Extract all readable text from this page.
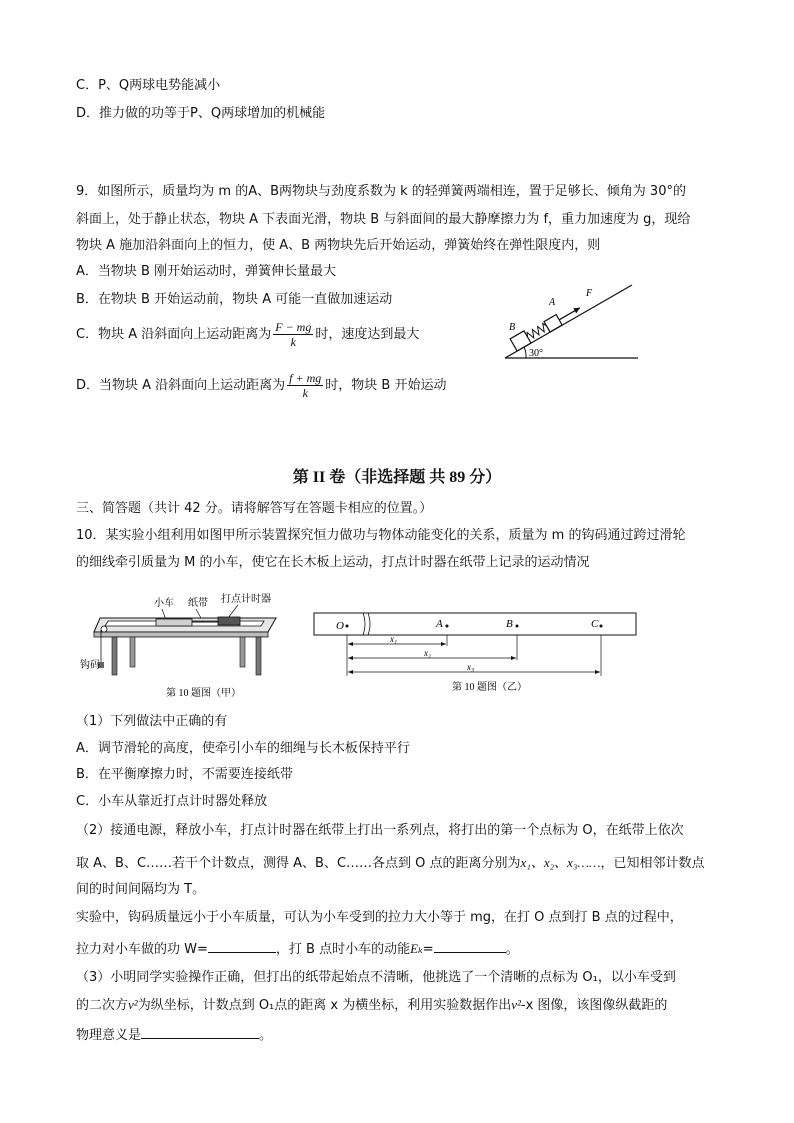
C．P、Q两球电势能减小
D．推力做的功等于P、Q两球增加的机械能
9．如图所示，质量均为 m 的A、B两物块与劲度系数为 k 的轻弹簧两端相连，置于足够长、倾角为 30°的
斜面上，处于静止状态，物块 A 下表面光滑，物块 B 与斜面间的最大静摩擦力为 f，重力加速度为 g，现给
物块 A 施加沿斜面向上的恒力，使 A、B 两物块先后开始运动，弹簧始终在弹性限度内，则
A．当物块 B 刚开始运动时，弹簧伸长量最大
B．在物块 B 开始运动前，物块 A 可能一直做加速运动
C．物块 A 沿斜面向上运动距离为 $\frac{F - mg}{k}$ 时，速度达到最大
D．当物块 A 沿斜面向上运动距离为 $\frac{f + mg}{k}$ 时，物块 B 开始运动
30°
B
A
F
第 II 卷（非选择题 共 89 分）
三、简答题（共计 42 分。请将解答写在答题卡相应的位置。）
10．某实验小组利用如图甲所示装置探究恒力做功与物体动能变化的关系，质量为 m 的钩码通过跨过滑轮
的细线牵引质量为 M 的小车，使它在长木板上运动，打点计时器在纸带上记录的运动情况
小车 纸带 打点计时器
钩码
第 10 题图（甲）
O	A	B	C
x₁
x₂
x₃
第 10 题图（乙）
（1）下列做法中正确的有
A．调节滑轮的高度，使牵引小车的细绳与长木板保持平行
B．在平衡摩擦力时，不需要连接纸带
C．小车从靠近打点计时器处释放
（2）接通电源，释放小车，打点计时器在纸带上打出一系列点，将打出的第一个点标为 O，在纸带上依次
取 A、B、C……若干个计数点，测得 A、B、C……各点到 O 点的距离分别为x₁、x₂、x₃……，已知相邻计数点
间的时间间隔均为 T。
实验中，钩码质量远小于小车质量，可认为小车受到的拉力大小等于 mg，在打 O 点到打 B 点的过程中，
拉力对小车做的功 W=	，打 B 点时小车的动能Eₖ=	。
（3）小明同学实验操作正确，但打出的纸带起始点不清晰，他挑选了一个清晰的点标为 O₁，以小车受到
的二次方v²为纵坐标，计数点到 O₁点的距离 x 为横坐标，利用实验数据作出v²-x 图像，该图像纵截距的
物理意义是	。
